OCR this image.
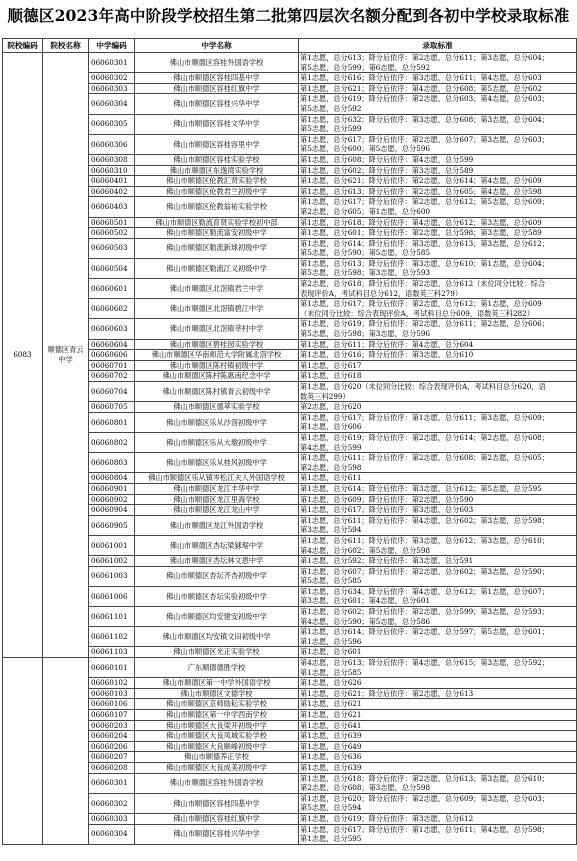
顺德区2023年高中阶段学校招生第二批第四层次名额分配到各初中学校录取标准
院校编码	院校名称	中学编码	中学名称	录取标准
6083	顺德区青云中学	06060301	佛山市顺德区容桂外国语学校	第1志愿，总分613；降分后依序：第2志愿，总分611；第3志愿，总分604；
第5志愿，总分599；第6志愿，总分592
		06060302	佛山市顺德区容桂四基中学	第1志愿，总分616；降分后依序：第3志愿，总分611；第4志愿，总分603
		06060303	佛山市顺德区容桂红旗中学	第1志愿，总分621；降分后依序：第4志愿，总分608；第5志愿，总分602
		06060304	佛山市顺德区容桂兴华中学	第1志愿，总分619；降分后依序：第2志愿，总分603；第4志愿，总分603；
第5志愿，总分592
		06060305	佛山市顺德区容桂文华中学	第1志愿，总分632；降分后依序：第3志愿，总分608；第3志愿，总分604；
第5志愿，总分599
		06060306	佛山市顺德区容桂容里中学	第1志愿，总分617；降分后依序：第2志愿，总分607；第3志愿，总分603；
第5志愿，总分600；第5志愿，总分596
		06060308	佛山市顺德区容桂实验学校	第1志愿，总分608；降分后依序：第4志愿，总分599
		06060310	佛山市顺德区东逸湾实验学校	第1志愿，总分602；降分后依序：第3志愿，总分589
		06060401	佛山市顺德区伦教汇贤实验学校	第1志愿，总分621；降分后依序：第2志愿，总分614；第4志愿，总分609
		06060402	佛山市顺德区伦教君兰初级中学	第1志愿，总分613；降分后依序：第2志愿，总分605；第4志愿，总分598
		06060403	佛山市顺德区伦教翁祐实验学校	第1志愿，总分617；降分后依序：第2志愿，总分612；第5志愿，总分609；
第2志愿，总分605；第1志愿，总分600
		06060501	佛山市顺德区勒流育贤实验学校初中部	第1志愿，总分618；降分后依序：第4志愿，总分612；第3志愿，总分609
		06060502	佛山市顺德区勒流富安初级中学	第1志愿，总分601；降分后依序：第2志愿，总分598；第3志愿，总分589
		06060503	佛山市顺德区勒流新球初级中学	第1志愿，总分614；降分后依序：第3志愿，总分613；第3志愿，总分612；
第5志愿，总分590；第5志愿，总分585
		06060504	佛山市顺德区勒流江义初级中学	第1志愿，总分613；降分后依序：第3志愿，总分610；第1志愿，总分604；
第5志愿，总分598；第3志愿，总分593
		06060601	佛山市顺德区北滘镇君兰中学	第2志愿，总分618；降分后依序：第2志愿，总分612（末位同分比较：综合
表现评价A，考试科目总分612，语数英三科279）
		06060602	佛山市顺德区北滘镇碧江中学	第1志愿，总分617；降分后依序：第2志愿，总分612；第1志愿，总分609
（末位同分比较：综合表现评价A，考试科目总分609，语数英三科282）
		06060603	佛山市顺德区北滘镇莘村中学	第1志愿，总分619；降分后依序：第2志愿，总分611；第2志愿，总分606；
第5志愿，总分598；第3志愿，总分596
		06060604	佛山市顺德区碧桂园实验学校	第1志愿，总分611；降分后依序：第4志愿，总分604
		06060606	佛山市顺德区华南师范大学附属北滘学校	第1志愿，总分616；降分后依序：第3志愿，总分610
		06060701	佛山市顺德区陈村镇初级中学	第1志愿，总分617
		06060702	佛山市顺德区陈村陈惠南纪念中学	第1志愿，总分618
		06060704	佛山市顺德区陈村镇青云初级中学	第1志愿，总分620（末位同分比较：综合表现评价A，考试科目总分620，语
数英三科299）
		06060705	佛山市顺德区德萃实验学校	第2志愿，总分620
		06060801	佛山市顺德区乐从沙滘初级中学	第1志愿，总分617；降分后依序：第1志愿，总分611；第3志愿，总分609；
第1志愿，总分606
		06060802	佛山市顺德区乐从大墩初级中学	第1志愿，总分619；降分后依序：第2志愿，总分614；第2志愿，总分608；
第4志愿，总分599
		06060803	佛山市顺德区乐从桂风初级中学	第1志愿，总分611；降分后依序：第2志愿，总分608；第2志愿，总分605；
第2志愿，总分598
		06060804	佛山市顺德区乐从镇岑松江夫人外国语学校	第1志愿，总分611
		06060901	佛山市顺德区龙江丰华中学	第1志愿，总分614；降分后依序：第3志愿，总分612；第5志愿，总分595
		06060902	佛山市顺德区龙江里海学校	第1志愿，总分609；降分后依序：第2志愿，总分590
		06060904	佛山市顺德区龙江龙山中学	第1志愿，总分617；降分后依序：第3志愿，总分603
		06060905	佛山市顺德区龙江外国语学校	第1志愿，总分611；降分后依序：第4志愿，总分602；第3志愿，总分598；
第3志愿，总分594
		06061001	佛山市顺德区杏坛梁銶琚中学	第1志愿，总分611；降分后依序：第3志愿，总分612；第3志愿，总分610；
第4志愿，总分602；第5志愿，总分598
		06061002	佛山市顺德区杏坛林文恩中学	第1志愿，总分592；降分后依序：第3志愿，总分591
		06061003	佛山市顺德区杏坛齐杏初级中学	第1志愿，总分607；降分后依序：第2志愿，总分602；第3志愿，总分590；
第5志愿，总分585
		06061006	佛山市顺德区杏坛实验初级中学	第1志愿，总分634；降分后依序：第4志愿，总分612；第1志愿，总分607；
第3志愿，总分601；第4志愿，总分601
		06061101	佛山市顺德区均安建安初级中学	第1志愿，总分602；降分后依序：第2志愿，总分599；第3志愿，总分593；
第4志愿，总分590；第5志愿，总分586
		06061102	佛山市顺德区均安镇文田初级中学	第1志愿，总分614；降分后依序：第2志愿，总分597；第5志愿，总分601；
第1志愿，总分596
		06061103	佛山市顺德区光正实验学校	第1志愿，总分601
		06060101	广东顺德德胜学校	第4志愿，总分613；降分后依序：第4志愿，总分615；第3志愿，总分592；
第1志愿，总分585
		06060102	佛山市顺德区第一中学外国语学校	第1志愿，总分626
		06060103	佛山市顺德区文德学校	第1志愿，总分621；降分后依序：第2志愿，总分613
		06060106	佛山市顺德区京师励耘实验学校	第1志愿，总分621
		06060107	佛山市顺德区第一中学西南学校	第1志愿，总分621
		06060203	佛山市顺德区大良梁开初级中学	第1志愿，总分641
		06060204	佛山市顺德区大良凤城实验学校	第1志愿，总分639
		06060206	佛山市顺德区大良顺峰初级中学	第1志愿，总分649
		06060207	佛山市顺德养正学校	第1志愿，总分636
		06060208	佛山市顺德区大良成美初级中学	第1志愿，总分639
		06060301	佛山市顺德区容桂外国语学校	第1志愿，总分618；降分后依序：第2志愿，总分613；第3志愿，总分610；
第2志愿，总分608；第3志愿，总分598
		06060302	佛山市顺德区容桂四基中学	第1志愿，总分620；降分后依序：第2志愿，总分609；第3志愿，总分603；
第5志愿，总分594
		06060303	佛山市顺德区容桂红旗中学	第1志愿，总分619；降分后依序：第3志愿，总分612
		06060304	佛山市顺德区容桂兴华中学	第1志愿，总分617；降分后依序：第1志愿，总分611；第4志愿，总分598；
第1志愿，总分595
